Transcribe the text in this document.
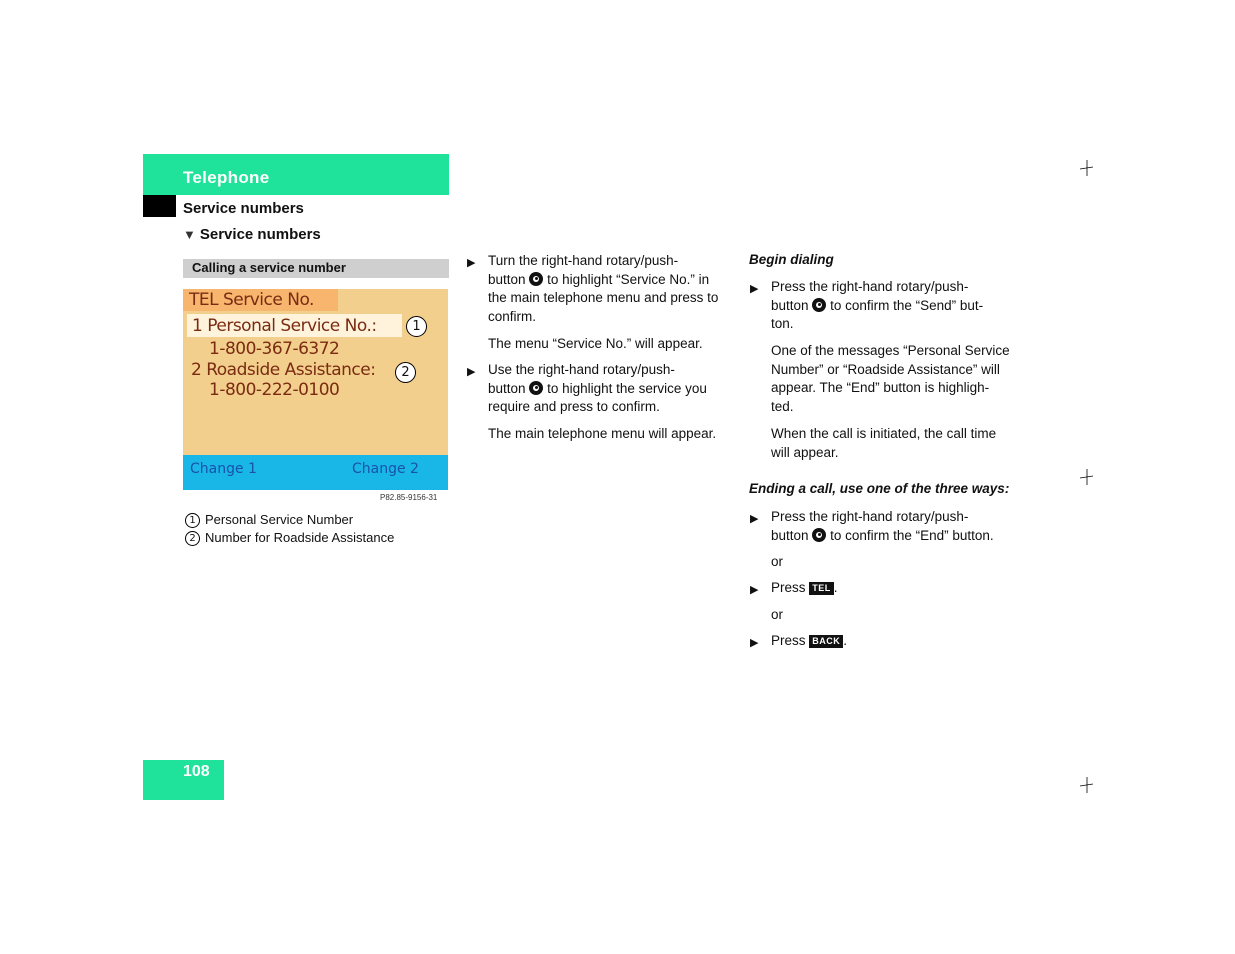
Telephone
Service numbers
▼ Service numbers
Calling a service number
TEL Service No.
1 Personal Service No.:
1-800-367-6372
2 Roadside Assistance:
1-800-222-0100
Change 1	Change 2
1
2
P82.85-9156-31
1 Personal Service Number
2 Number for Roadside Assistance
▶ Turn the right-hand rotary/push-
button to highlight “Service No.” in
the main telephone menu and press to
confirm.
The menu “Service No.” will appear.
▶ Use the right-hand rotary/push-
button to highlight the service you
require and press to confirm.
The main telephone menu will appear.
Begin dialing
▶ Press the right-hand rotary/push-
button to confirm the “Send” but-
ton.
One of the messages “Personal Service
Number” or “Roadside Assistance” will
appear. The “End” button is highligh-
ted.
When the call is initiated, the call time
will appear.
Ending a call, use one of the three ways:
▶ Press the right-hand rotary/push-
button to confirm the “End” button.
or
▶ Press TEL .
or
▶ Press BACK .
108
